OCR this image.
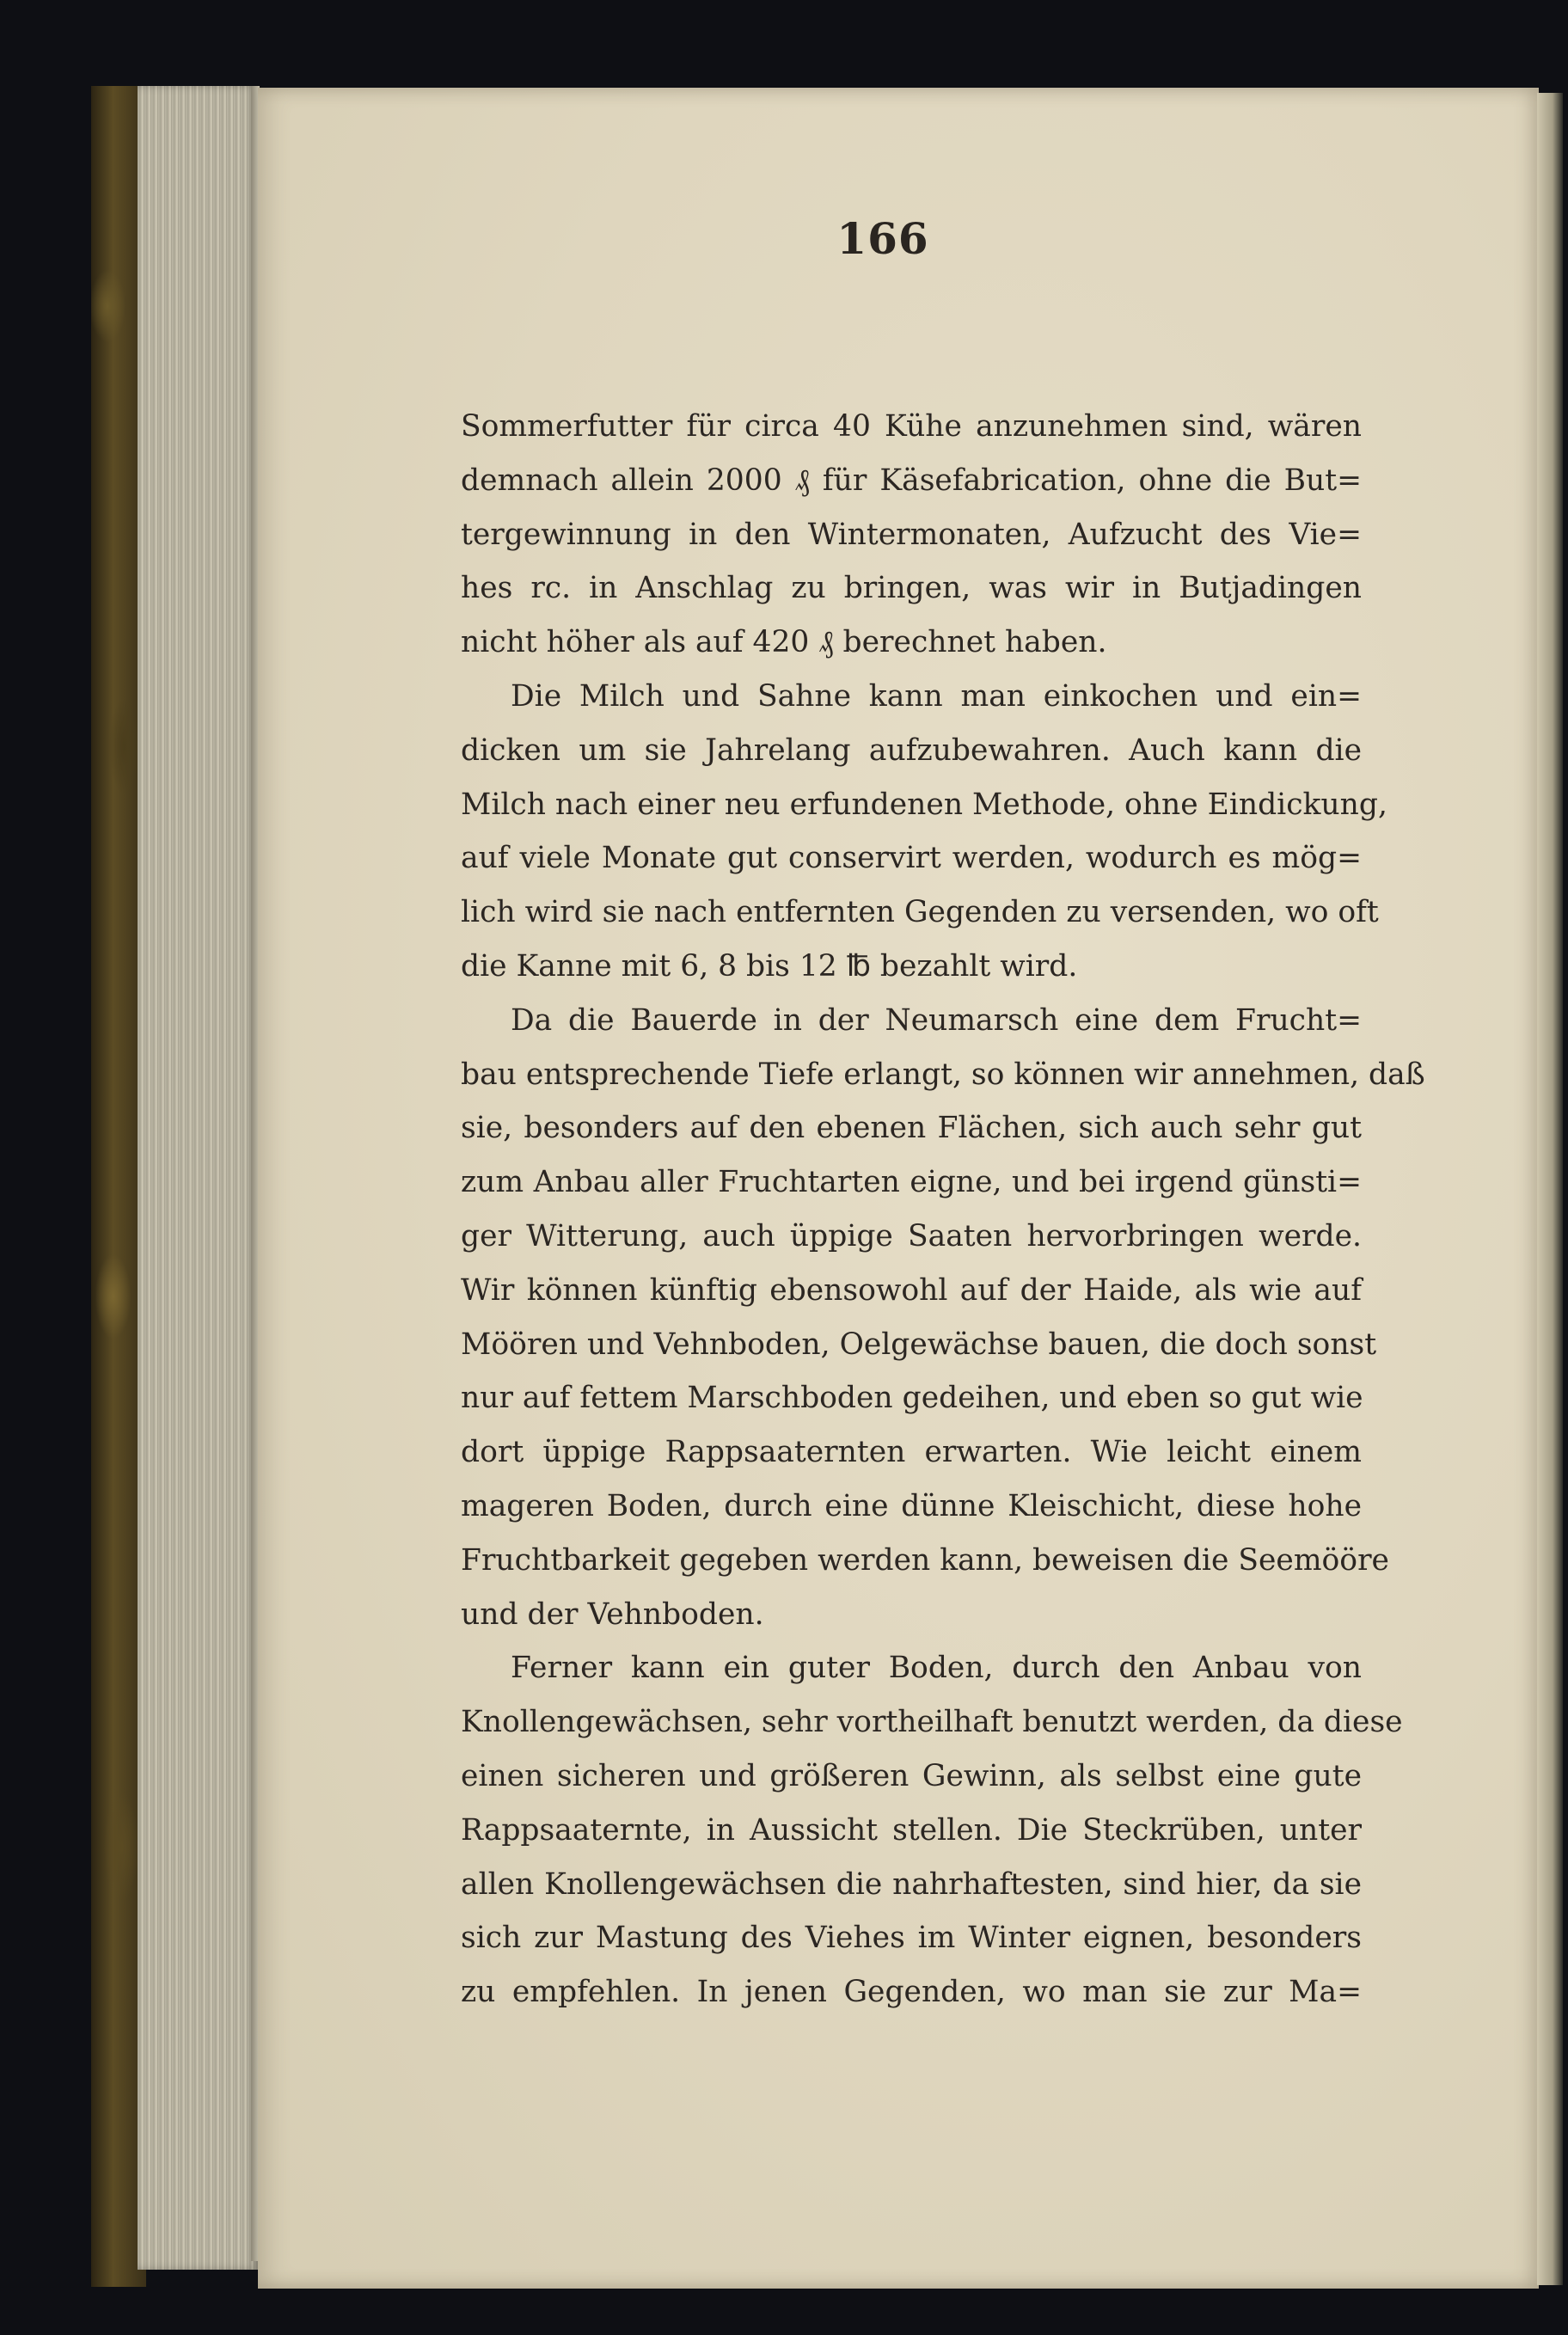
166
Sommerfutter für circa 40 Kühe anzunehmen sind, wären
demnach allein 2000 ₰ für Käsefabrication, ohne die But=
tergewinnung in den Wintermonaten, Aufzucht des Vie=
hes rc. in Anschlag zu bringen, was wir in Butjadingen
nicht höher als auf 420 ₰ berechnet haben.
Die Milch und Sahne kann man einkochen und ein=
dicken um sie Jahrelang aufzubewahren. Auch kann die
Milch nach einer neu erfundenen Methode, ohne Eindickung,
auf viele Monate gut conservirt werden, wodurch es mög=
lich wird sie nach entfernten Gegenden zu versenden, wo oft
die Kanne mit 6, 8 bis 12 ℔ bezahlt wird.
Da die Bauerde in der Neumarsch eine dem Frucht=
bau entsprechende Tiefe erlangt, so können wir annehmen, daß
sie, besonders auf den ebenen Flächen, sich auch sehr gut
zum Anbau aller Fruchtarten eigne, und bei irgend günsti=
ger Witterung, auch üppige Saaten hervorbringen werde.
Wir können künftig ebensowohl auf der Haide, als wie auf
Möören und Vehnboden, Oelgewächse bauen, die doch sonst
nur auf fettem Marschboden gedeihen, und eben so gut wie
dort üppige Rappsaaternten erwarten. Wie leicht einem
mageren Boden, durch eine dünne Kleischicht, diese hohe
Fruchtbarkeit gegeben werden kann, beweisen die Seemööre
und der Vehnboden.
Ferner kann ein guter Boden, durch den Anbau von
Knollengewächsen, sehr vortheilhaft benutzt werden, da diese
einen sicheren und größeren Gewinn, als selbst eine gute
Rappsaaternte, in Aussicht stellen. Die Steckrüben, unter
allen Knollengewächsen die nahrhaftesten, sind hier, da sie
sich zur Mastung des Viehes im Winter eignen, besonders
zu empfehlen. In jenen Gegenden, wo man sie zur Ma=
